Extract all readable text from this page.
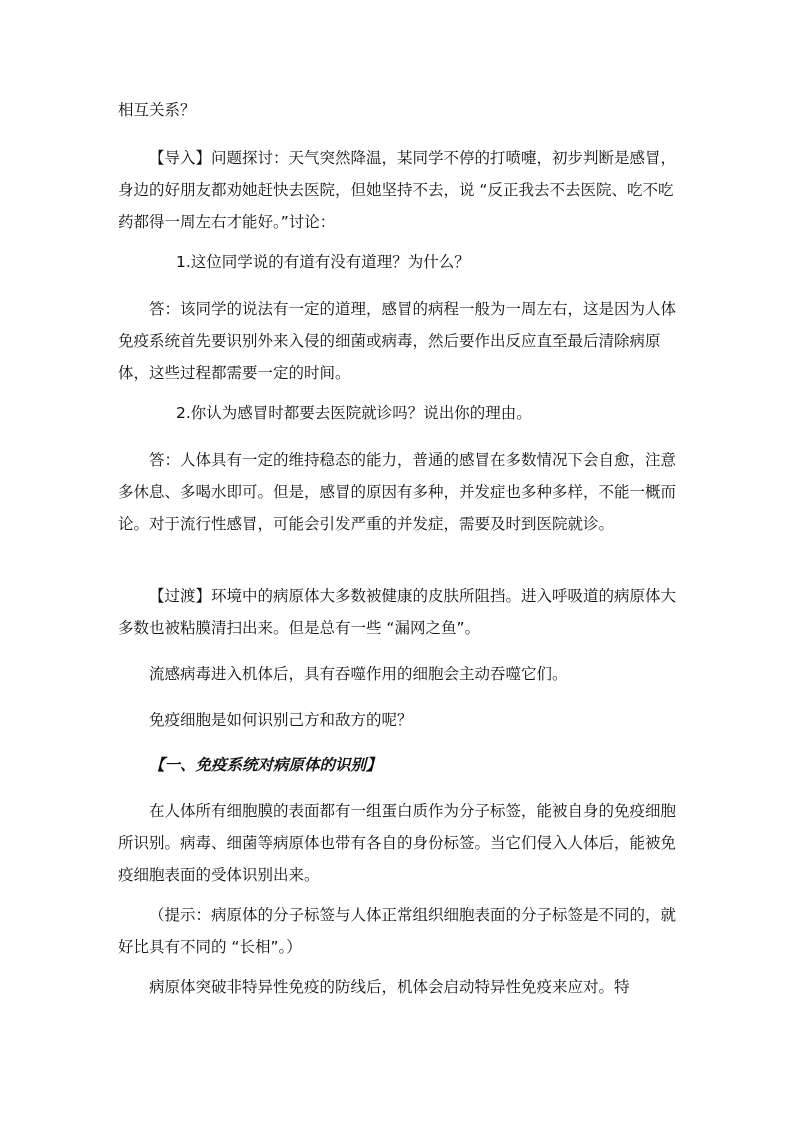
相互关系？

【导入】问题探讨：天气突然降温，某同学不停的打喷嚏，初步判断是感冒，身边的好朋友都劝她赶快去医院，但她坚持不去，说 “反正我去不去医院、吃不吃药都得一周左右才能好。”讨论：

1.这位同学说的有道有没有道理？为什么？

答：该同学的说法有一定的道理，感冒的病程一般为一周左右，这是因为人体免疫系统首先要识别外来入侵的细菌或病毒，然后要作出反应直至最后清除病原体，这些过程都需要一定的时间。

2.你认为感冒时都要去医院就诊吗？说出你的理由。

答：人体具有一定的维持稳态的能力，普通的感冒在多数情况下会自愈，注意多休息、多喝水即可。但是，感冒的原因有多种，并发症也多种多样，不能一概而论。对于流行性感冒，可能会引发严重的并发症，需要及时到医院就诊。

【过渡】环境中的病原体大多数被健康的皮肤所阻挡。进入呼吸道的病原体大多数也被粘膜清扫出来。但是总有一些 “漏网之鱼”。

流感病毒进入机体后，具有吞噬作用的细胞会主动吞噬它们。

免疫细胞是如何识别己方和敌方的呢？

【一、免疫系统对病原体的识别】

在人体所有细胞膜的表面都有一组蛋白质作为分子标签，能被自身的免疫细胞所识别。病毒、细菌等病原体也带有各自的身份标签。当它们侵入人体后，能被免疫细胞表面的受体识别出来。

（提示：病原体的分子标签与人体正常组织细胞表面的分子标签是不同的，就好比具有不同的 “长相”。）

病原体突破非特异性免疫的防线后，机体会启动特异性免疫来应对。特
